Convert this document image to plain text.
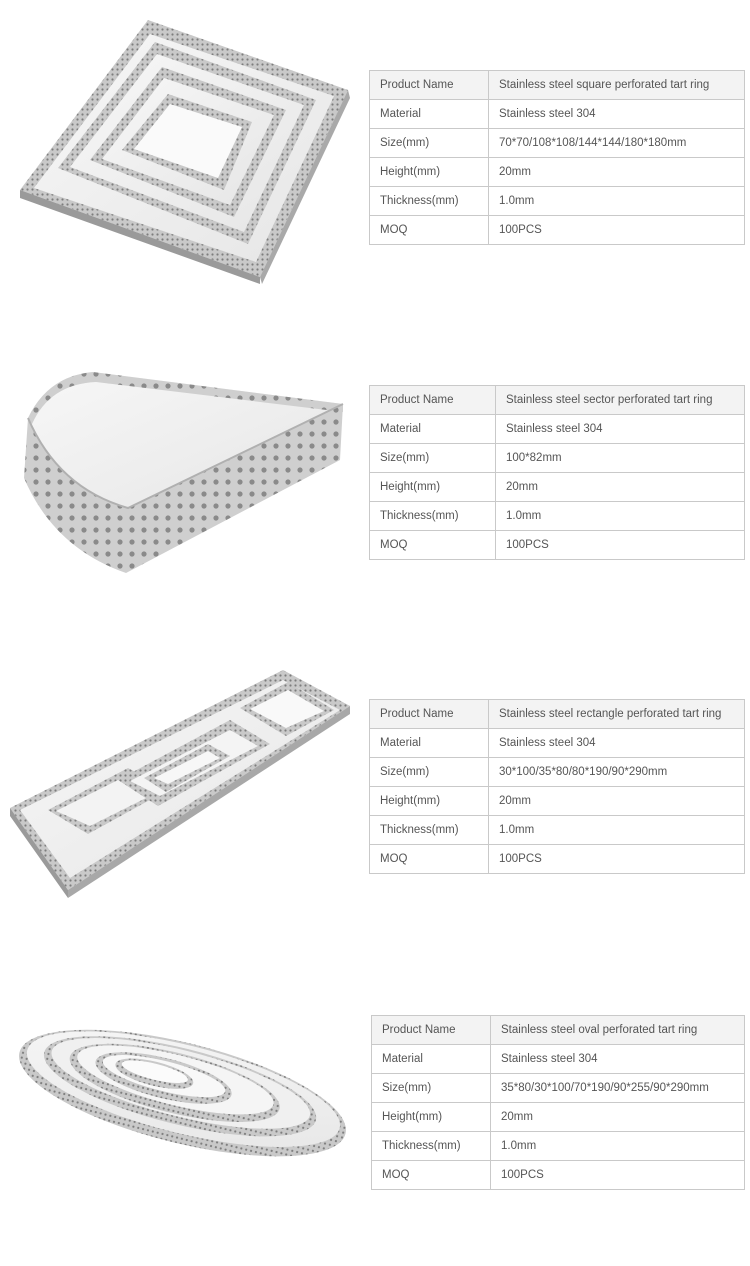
Product Name	Stainless steel square perforated tart ring
Material	Stainless steel 304
Size(mm)	70*70/108*108/144*144/180*180mm
Height(mm)	20mm
Thickness(mm)	1.0mm
MOQ	100PCS
Product Name	Stainless steel sector perforated tart ring
Material	Stainless steel 304
Size(mm)	100*82mm
Height(mm)	20mm
Thickness(mm)	1.0mm
MOQ	100PCS
Product Name	Stainless steel rectangle perforated tart ring
Material	Stainless steel 304
Size(mm)	30*100/35*80/80*190/90*290mm
Height(mm)	20mm
Thickness(mm)	1.0mm
MOQ	100PCS
Product Name	Stainless steel oval perforated tart ring
Material	Stainless steel 304
Size(mm)	35*80/30*100/70*190/90*255/90*290mm
Height(mm)	20mm
Thickness(mm)	1.0mm
MOQ	100PCS
